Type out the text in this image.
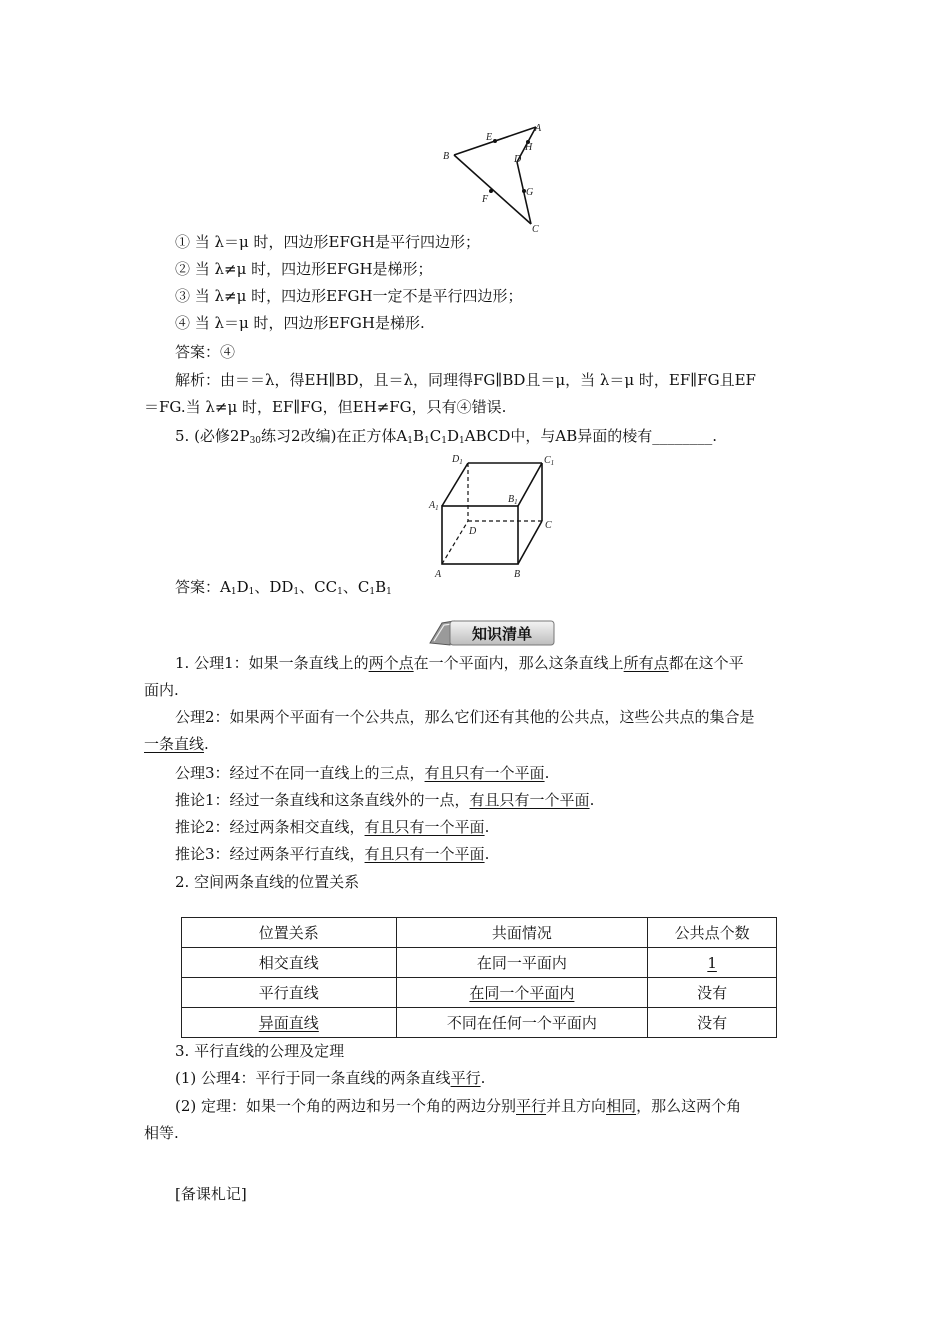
A
B
C
D
E
F
G
H
① 当 λ＝μ 时，四边形EFGH是平行四边形；
② 当 λ≠μ 时，四边形EFGH是梯形；
③ 当 λ≠μ 时，四边形EFGH一定不是平行四边形；
④ 当 λ＝μ 时，四边形EFGH是梯形.
答案：④
解析：由＝＝λ，得EH∥BD，且＝λ，同理得FG∥BD且＝μ，当 λ＝μ 时，EF∥FG且EF
＝FG.当 λ≠μ 时，EF∥FG，但EH≠FG，只有④错误.
5. (必修$2P_{30}$练习2改编)在正方体$A_1B_1C_1D_1ABCD$中，与AB异面的棱有________.
A	B
C
D
$A_1$
$B_1$
$C_1$
$D_1$
答案：$A_1D_1$、$DD_1$、$CC_1$、$C_1B_1$
知识清单
1. 公理1：如果一条直线上的两个点在一个平面内，那么这条直线上所有点都在这个平
面内.
公理2：如果两个平面有一个公共点，那么它们还有其他的公共点，这些公共点的集合是
一条直线.
公理3：经过不在同一直线上的三点，有且只有一个平面.
推论1：经过一条直线和这条直线外的一点，有且只有一个平面.
推论2：经过两条相交直线，有且只有一个平面.
推论3：经过两条平行直线，有且只有一个平面.
2. 空间两条直线的位置关系
位置关系	共面情况	公共点个数
相交直线	在同一平面内	1
平行直线	在同一个平面内	没有
异面直线	不同在任何一个平面内	没有
3. 平行直线的公理及定理
(1) 公理4：平行于同一条直线的两条直线平行.
(2) 定理：如果一个角的两边和另一个角的两边分别平行并且方向相同，那么这两个角
相等.
[备课札记]
